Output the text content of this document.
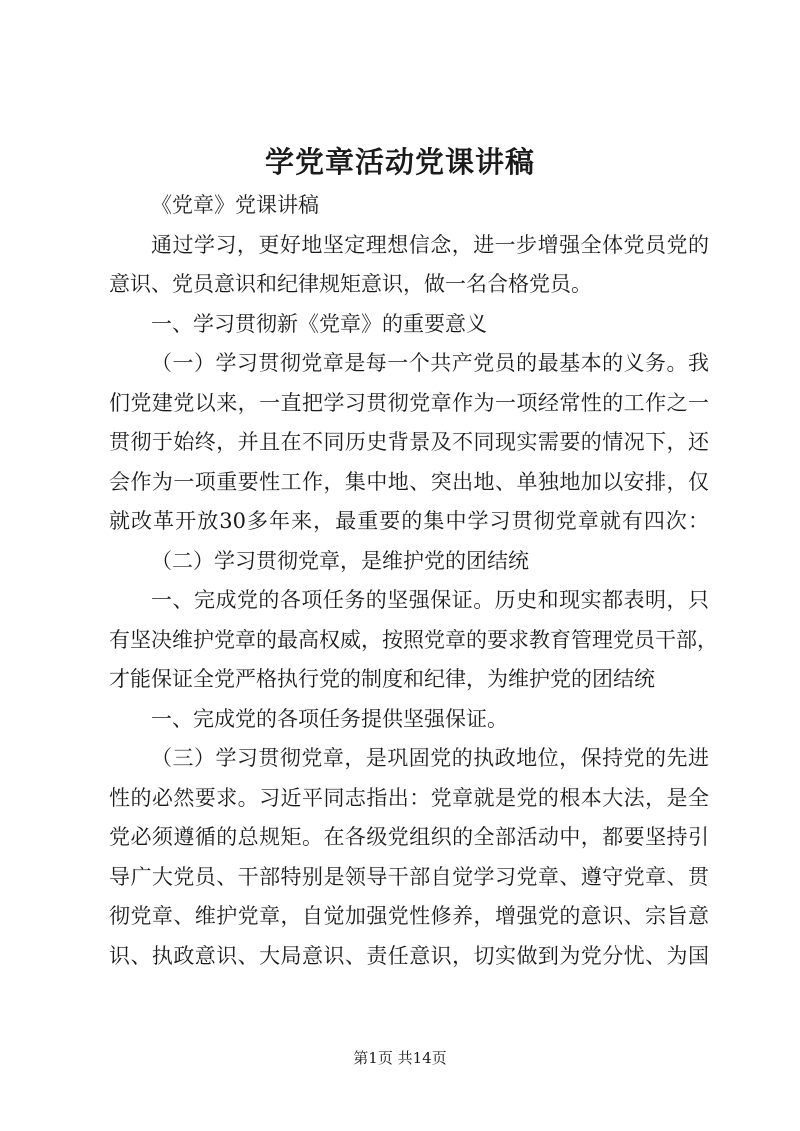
学党章活动党课讲稿

《党章》党课讲稿

通过学习，更好地坚定理想信念，进一步增强全体党员党的

意识、党员意识和纪律规矩意识，做一名合格党员。

一、学习贯彻新《党章》的重要意义

（一）学习贯彻党章是每一个共产党员的最基本的义务。我

们党建党以来，一直把学习贯彻党章作为一项经常性的工作之一

贯彻于始终，并且在不同历史背景及不同现实需要的情况下，还

会作为一项重要性工作，集中地、突出地、单独地加以安排，仅

就改革开放30多年来，最重要的集中学习贯彻党章就有四次：

（二）学习贯彻党章，是维护党的团结统

一、完成党的各项任务的坚强保证。历史和现实都表明，只

有坚决维护党章的最高权威，按照党章的要求教育管理党员干部，

才能保证全党严格执行党的制度和纪律，为维护党的团结统

一、完成党的各项任务提供坚强保证。

（三）学习贯彻党章，是巩固党的执政地位，保持党的先进

性的必然要求。习近平同志指出：党章就是党的根本大法，是全

党必须遵循的总规矩。在各级党组织的全部活动中，都要坚持引

导广大党员、干部特别是领导干部自觉学习党章、遵守党章、贯

彻党章、维护党章，自觉加强党性修养，增强党的意识、宗旨意

识、执政意识、大局意识、责任意识，切实做到为党分忧、为国

第1页 共14页
